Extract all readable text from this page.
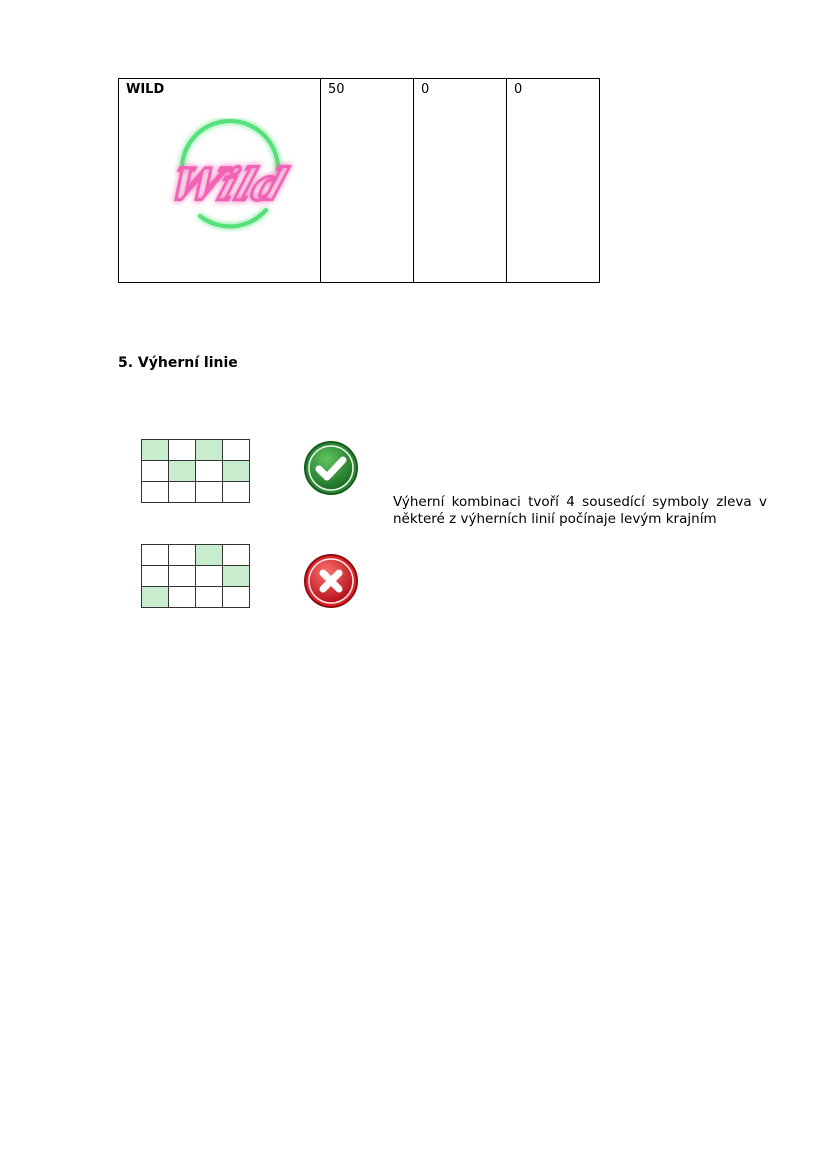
WILD	50	0	0
Wild
5. Výherní linie

Výherní kombinaci tvoří 4 sousedící symboly zleva v některé z výherních linií počínaje levým krajním
